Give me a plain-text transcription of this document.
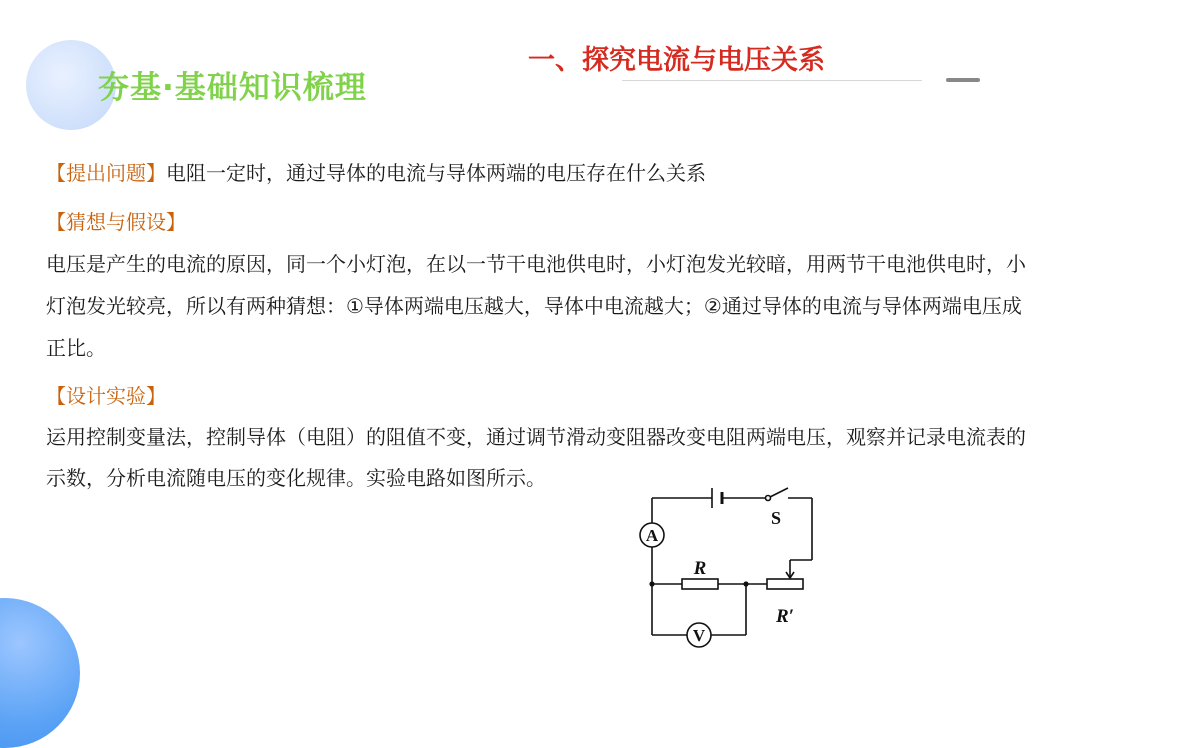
夯基·基础知识梳理
一、探究电流与电压关系
【提出问题】电阻一定时，通过导体的电流与导体两端的电压存在什么关系
【猜想与假设】
电压是产生的电流的原因，同一个小灯泡，在以一节干电池供电时，小灯泡发光较暗，用两节干电池供电时，小
灯泡发光较亮，所以有两种猜想：①导体两端电压越大，导体中电流越大；②通过导体的电流与导体两端电压成
正比。
【设计实验】
运用控制变量法，控制导体（电阻）的阻值不变，通过调节滑动变阻器改变电阻两端电压，观察并记录电流表的
示数，分析电流随电压的变化规律。实验电路如图所示。
A
V
S
R
R′
